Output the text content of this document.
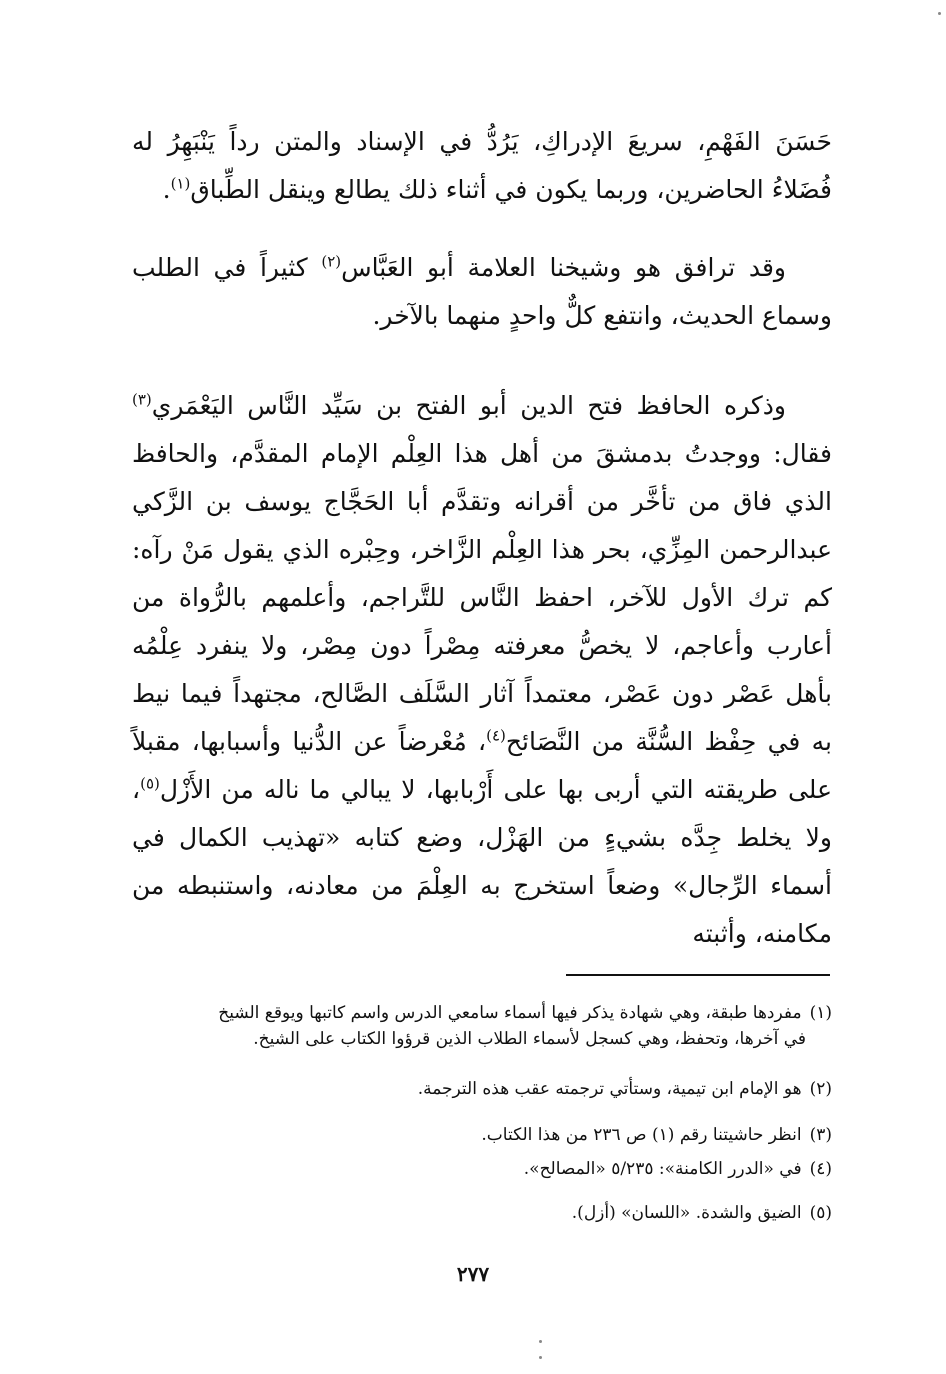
حَسَنَ الفَهْمِ، سريعَ الإدراكِ، يَرُدُّ في الإسناد والمتن رداً يَنْبَهِرُ له فُضَلاءُ الحاضرين، وربما يكون في أثناء ذلك يطالع وينقل الطِّباق$^{(١)}$.

وقد ترافق هو وشيخنا العلامة أبو العَبَّاس$^{(٢)}$ كثيراً في الطلب وسماع الحديث، وانتفع كلٌّ واحدٍ منهما بالآخر.

وذكره الحافظ فتح الدين أبو الفتح بن سَيِّد النَّاس اليَعْمَري$^{(٣)}$ فقال: ووجدتُ بدمشقَ من أهل هذا العِلْم الإمام المقدَّم، والحافظ الذي فاق من تأخَّر من أقرانه وتقدَّم أبا الحَجَّاج يوسف بن الزَّكي عبدالرحمن المِزِّي، بحر هذا العِلْم الزَّاخر، وحِبْره الذي يقول مَنْ رآه: كم ترك الأول للآخر، احفظ النَّاس للتَّراجم، وأعلمهم بالرُّواة من أعارب وأعاجم، لا يخصُّ معرفته مِصْراً دون مِصْر، ولا ينفرد عِلْمُه بأهل عَصْر دون عَصْر، معتمداً آثار السَّلَف الصَّالح، مجتهداً فيما نيط به في حِفْظ السُّنَّة من النَّصَائح$^{(٤)}$، مُعْرضاً عن الدُّنيا وأسبابها، مقبلاً على طريقته التي أربى بها على أَرْبابها، لا يبالي ما ناله من الأَزْل$^{(٥)}$، ولا يخلط جِدَّه بشيءٍ من الهَزْل، وضع كتابه «تهذيب الكمال في أسماء الرِّجال» وضعاً استخرج به العِلْمَ من معادنه، واستنبطه من مكامنه، وأثبته

(١)مفردها طبقة، وهي شهادة يذكر فيها أسماء سامعي الدرس واسم كاتبها ويوقع الشيخ
في آخرها، وتحفظ، وهي كسجل لأسماء الطلاب الذين قرؤوا الكتاب على الشيخ.

(٢)هو الإمام ابن تيمية، وستأتي ترجمته عقب هذه الترجمة.

(٣)انظر حاشيتنا رقم (١) ص ٢٣٦ من هذا الكتاب.

(٤)في «الدرر الكامنة»: ٥/٢٣٥ «المصالح».

(٥)الضيق والشدة. «اللسان» (أزل).

٢٧٧
